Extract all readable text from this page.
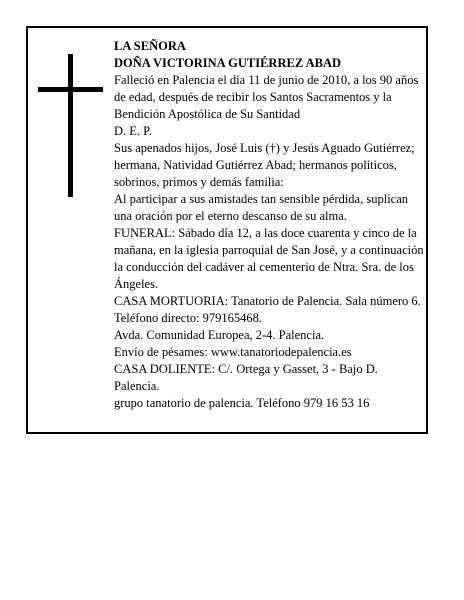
LA SEÑORA

DOÑA VICTORINA GUTIÉRREZ ABAD

Falleció en Palencia el día 11 de junio de 2010, a los 90 años de edad, después de recibir los Santos Sacramentos y la Bendición Apostólica de Su Santidad

D. E. P.

Sus apenados hijos, José Luis (†) y Jesús Aguado Gutiérrez; hermana, Natividad Gutiérrez Abad; hermanos políticos, sobrinos, primos y demás familia:

Al participar a sus amistades tan sensible pérdida, suplican una oración por el eterno descanso de su alma.

FUNERAL: Sábado día 12, a las doce cuarenta y cinco de la mañana, en la iglesia parroquial de San José, y a continuación la conducción del cadáver al cementerio de Ntra. Sra. de los Ángeles.

CASA MORTUORIA: Tanatorio de Palencia. Sala número 6. Teléfono directo: 979165468.

Avda. Comunidad Europea, 2-4. Palencia.

Envío de pésames: www.tanatoriodepalencia.es

CASA DOLIENTE: C/. Ortega y Gasset, 3 - Bajo D. Palencia.

grupo tanatorio de palencia. Teléfono 979 16 53 16
